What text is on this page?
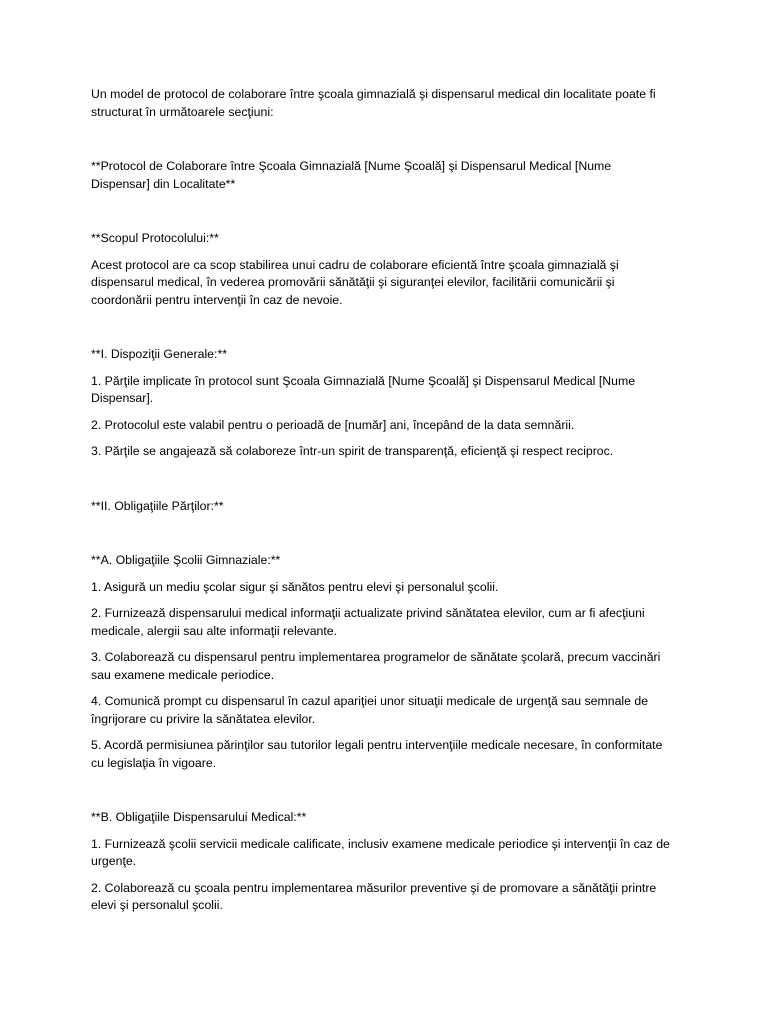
Un model de protocol de colaborare între şcoala gimnazială şi dispensarul medical din localitate poate fi structurat în următoarele secţiuni:

**Protocol de Colaborare între Şcoala Gimnazială [Nume Şcoală] şi Dispensarul Medical [Nume Dispensar] din Localitate**

**Scopul Protocolului:**

Acest protocol are ca scop stabilirea unui cadru de colaborare eficientă între şcoala gimnazială şi dispensarul medical, în vederea promovării sănătăţii şi siguranţei elevilor, facilitării comunicării şi coordonării pentru intervenţii în caz de nevoie.

**I. Dispoziţii Generale:**

1. Părţile implicate în protocol sunt Şcoala Gimnazială [Nume Şcoală] şi Dispensarul Medical [Nume Dispensar].

2. Protocolul este valabil pentru o perioadă de [număr] ani, începând de la data semnării.

3. Părţile se angajează să colaboreze într-un spirit de transparenţă, eficienţă şi respect reciproc.

**II. Obligaţiile Părţilor:**

**A. Obligaţiile Şcolii Gimnaziale:**

1. Asigură un mediu şcolar sigur şi sănătos pentru elevi şi personalul şcolii.

2. Furnizează dispensarului medical informaţii actualizate privind sănătatea elevilor, cum ar fi afecţiuni medicale, alergii sau alte informaţii relevante.

3. Colaborează cu dispensarul pentru implementarea programelor de sănătate şcolară, precum vaccinări sau examene medicale periodice.

4. Comunică prompt cu dispensarul în cazul apariţiei unor situaţii medicale de urgenţă sau semnale de îngrijorare cu privire la sănătatea elevilor.

5. Acordă permisiunea părinţilor sau tutorilor legali pentru intervenţiile medicale necesare, în conformitate cu legislaţia în vigoare.

**B. Obligaţiile Dispensarului Medical:**

1. Furnizează şcolii servicii medicale calificate, inclusiv examene medicale periodice şi intervenţii în caz de urgenţe.

2. Colaborează cu şcoala pentru implementarea măsurilor preventive şi de promovare a sănătăţii printre elevi şi personalul şcolii.
